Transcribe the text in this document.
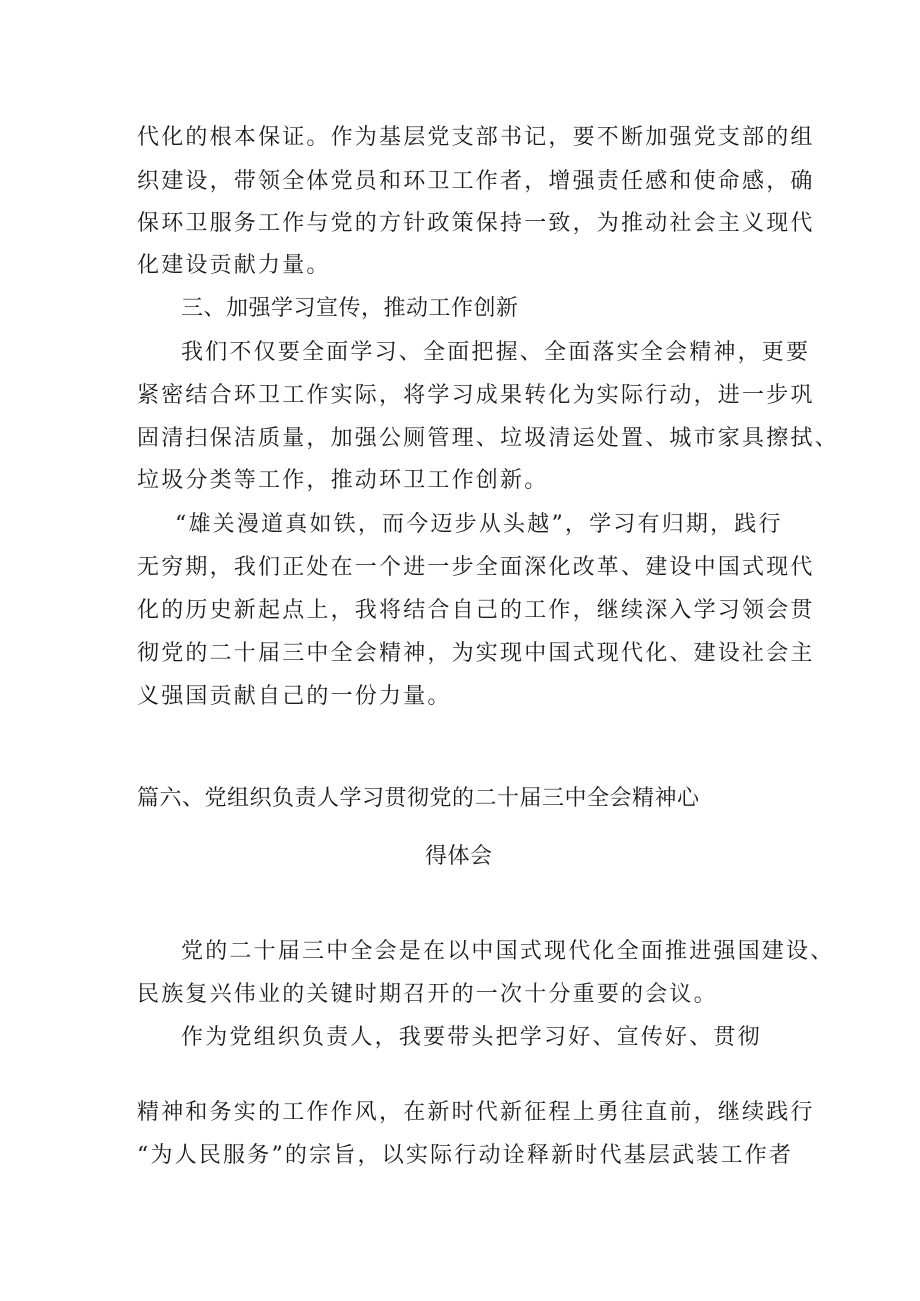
代化的根本保证。作为基层党支部书记，要不断加强党支部的组
织建设，带领全体党员和环卫工作者，增强责任感和使命感，确
保环卫服务工作与党的方针政策保持一致，为推动社会主义现代
化建设贡献力量。
三、加强学习宣传，推动工作创新
我们不仅要全面学习、全面把握、全面落实全会精神，更要
紧密结合环卫工作实际，将学习成果转化为实际行动，进一步巩
固清扫保洁质量，加强公厕管理、垃圾清运处置、城市家具擦拭、
垃圾分类等工作，推动环卫工作创新。
“雄关漫道真如铁，而今迈步从头越”，学习有归期，践行
无穷期，我们正处在一个进一步全面深化改革、建设中国式现代
化的历史新起点上，我将结合自己的工作，继续深入学习领会贯
彻党的二十届三中全会精神，为实现中国式现代化、建设社会主
义强国贡献自己的一份力量。
篇六、党组织负责人学习贯彻党的二十届三中全会精神心
得体会
党的二十届三中全会是在以中国式现代化全面推进强国建设、
民族复兴伟业的关键时期召开的一次十分重要的会议。
作为党组织负责人，我要带头把学习好、宣传好、贯彻
精神和务实的工作作风，在新时代新征程上勇往直前，继续践行
“为人民服务”的宗旨，以实际行动诠释新时代基层武装工作者
